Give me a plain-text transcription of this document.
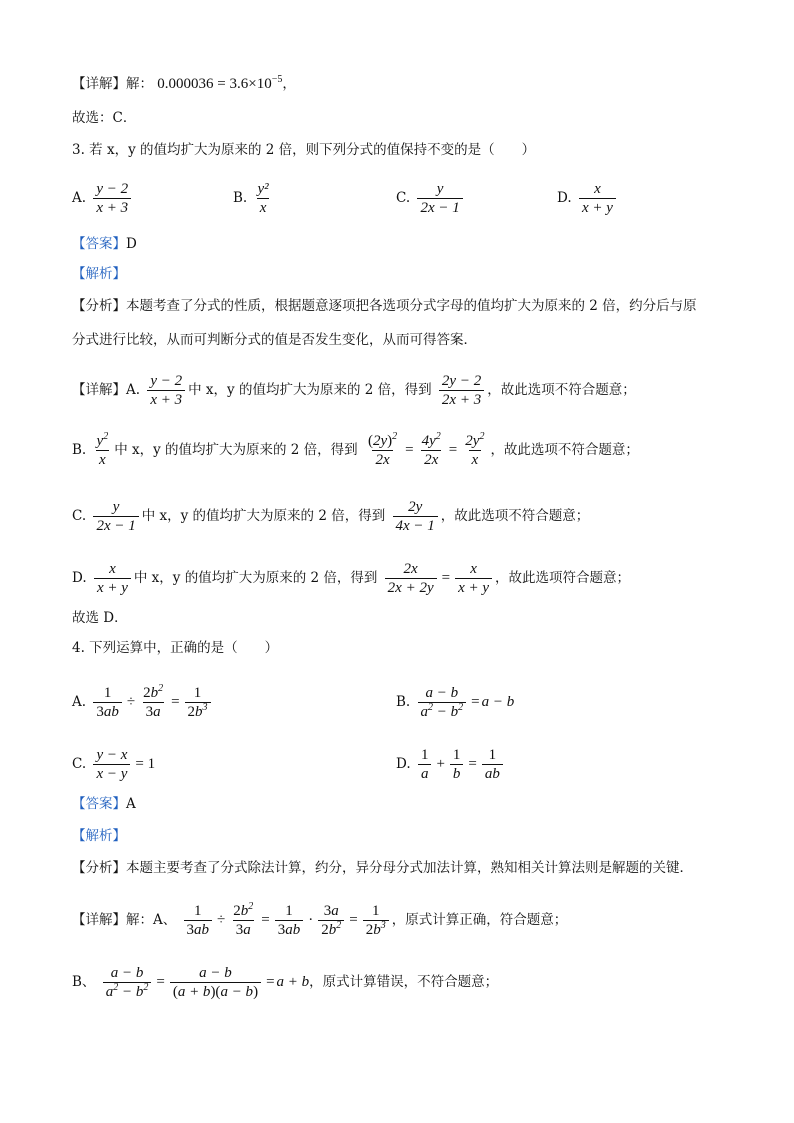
【详解】解： $0.000036 = 3.6\times 10^{-5}$，
故选：C．
3. 若 x，y 的值均扩大为原来的 2 倍，则下列分式的值保持不变的是（　　）
A. $\frac{y - 2}{x + 3}$	B. $\frac{\text{y²}}{x}$	C. $\frac{y}{2x - 1}$	D. $\frac{x}{x + y}$
【答案】D
【解析】
【分析】本题考查了分式的性质，根据题意逐项把各选项分式字母的值均扩大为原来的 2 倍，约分后与原
分式进行比较，从而可判断分式的值是否发生变化，从而可得答案．
【详解】A. $\frac{y - 2}{x + 3}$ 中 x，y 的值均扩大为原来的 2 倍，得到 $\frac{2y - 2}{2x + 3}$ ，故此选项不符合题意；
B. $\frac{y^2}{x}$ 中 x，y 的值均扩大为原来的 2 倍，得到 $\frac{(2y)^2}{2x} = \frac{4y^2}{2x} = \frac{2y^2}{x}$ ，故此选项不符合题意；
C. $\frac{y}{2x - 1}$ 中 x，y 的值均扩大为原来的 2 倍，得到 $\frac{2y}{4x - 1}$ ，故此选项不符合题意；
D. $\frac{x}{x + y}$ 中 x，y 的值均扩大为原来的 2 倍，得到 $\frac{2x}{2x + 2y} = \frac{x}{x + y}$ ，故此选项符合题意；
故选 D．
4. 下列运算中，正确的是（　　）
A. $\frac{1}{3ab} \div \frac{2b^2}{3a} = \frac{1}{2b^3}$	B. $\frac{a - b}{a^2 - b^2} = a - b$
C. $\frac{y - x}{x - y} = 1$	D. $\frac{1}{a} + \frac{1}{b} = \frac{1}{ab}$
【答案】A
【解析】
【分析】本题主要考查了分式除法计算，约分，异分母分式加法计算，熟知相关计算法则是解题的关键．
【详解】解：A、 $\frac{1}{3ab} \div \frac{2b^2}{3a} = \frac{1}{3ab} \cdot \frac{3a}{2b^2} = \frac{1}{2b^3}$ ，原式计算正确，符合题意；
B、 $\frac{a - b}{a^2 - b^2} = \frac{a - b}{(a + b)(a - b)} = a + b$，原式计算错误，不符合题意；
